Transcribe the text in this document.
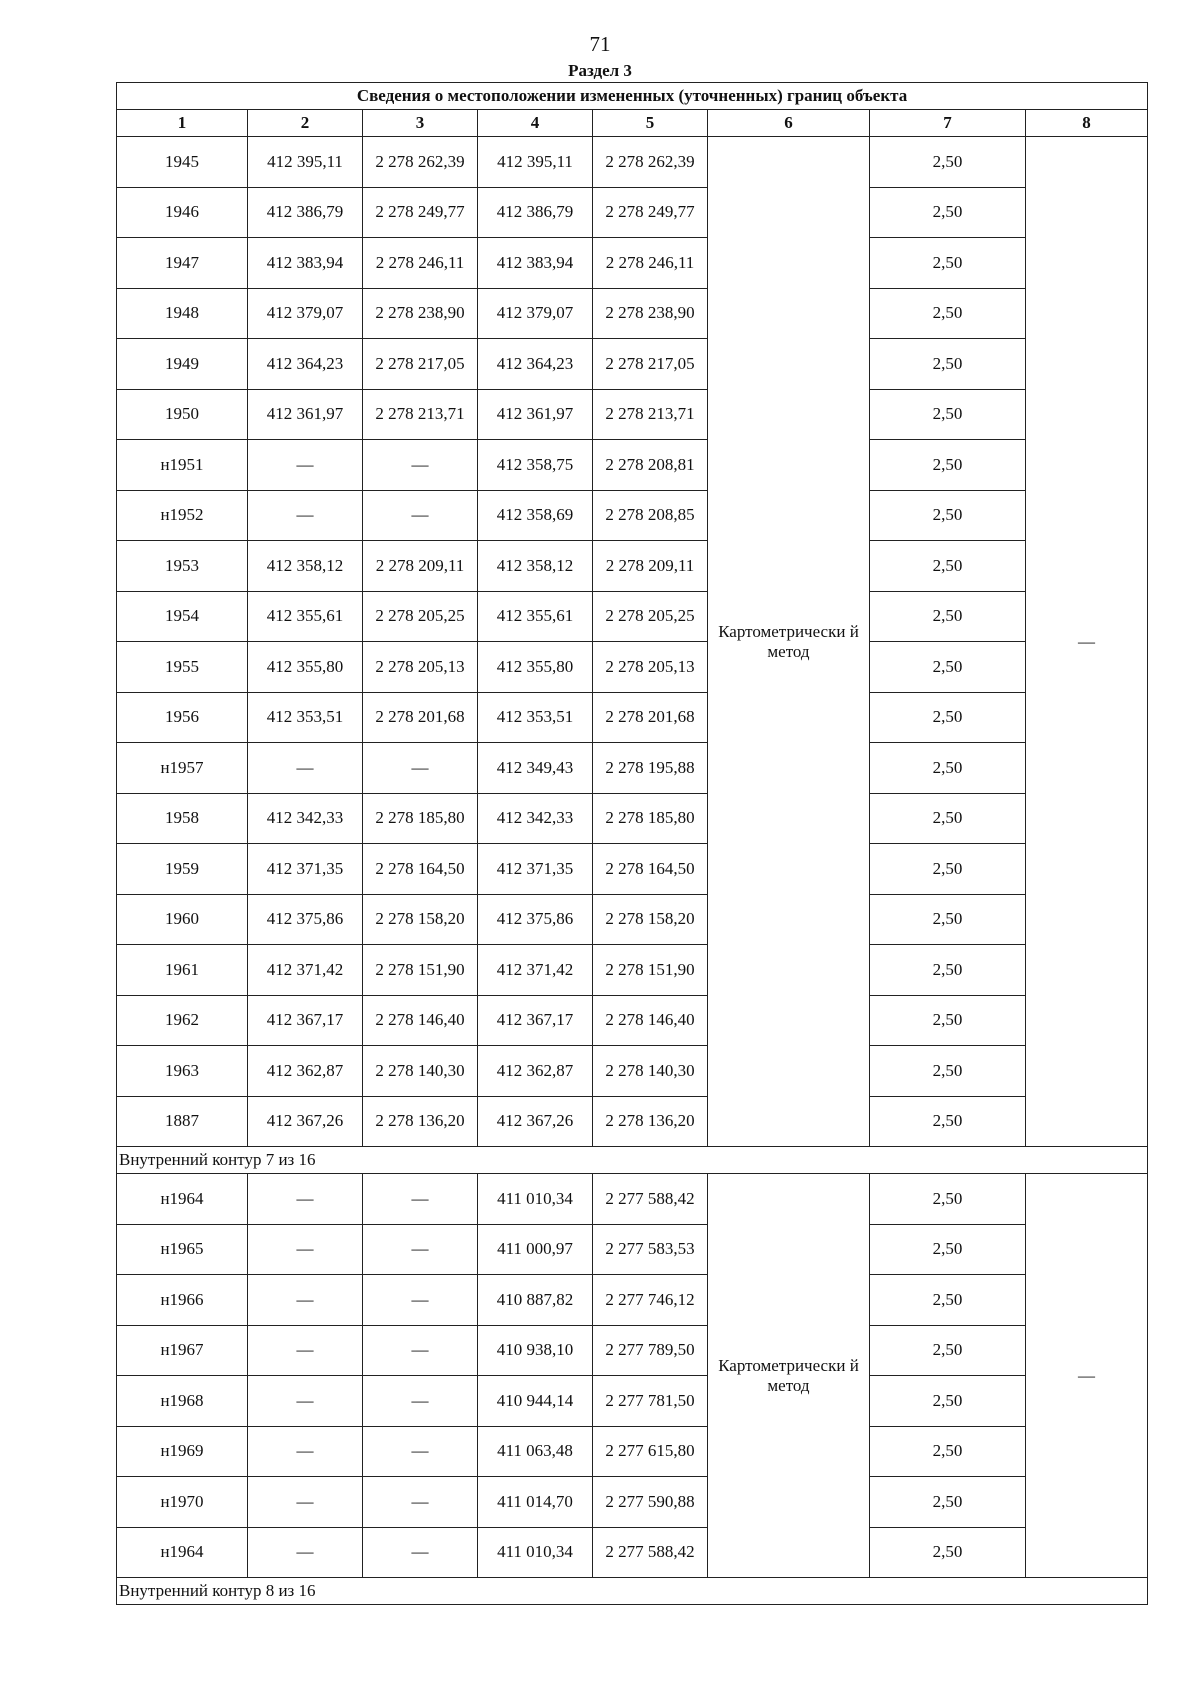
71
Раздел 3
Сведения о местоположении измененных (уточненных) границ объекта							
1	2	3	4	5	6	7	8
1945	412 395,11	2 278 262,39	412 395,11	2 278 262,39	Картометрически й метод	2,50	—
1946	412 386,79	2 278 249,77	412 386,79	2 278 249,77		2,50	
1947	412 383,94	2 278 246,11	412 383,94	2 278 246,11		2,50	
1948	412 379,07	2 278 238,90	412 379,07	2 278 238,90		2,50	
1949	412 364,23	2 278 217,05	412 364,23	2 278 217,05		2,50	
1950	412 361,97	2 278 213,71	412 361,97	2 278 213,71		2,50	
н1951	—	—	412 358,75	2 278 208,81		2,50	
н1952	—	—	412 358,69	2 278 208,85		2,50	
1953	412 358,12	2 278 209,11	412 358,12	2 278 209,11		2,50	
1954	412 355,61	2 278 205,25	412 355,61	2 278 205,25		2,50	
1955	412 355,80	2 278 205,13	412 355,80	2 278 205,13		2,50	
1956	412 353,51	2 278 201,68	412 353,51	2 278 201,68		2,50	
н1957	—	—	412 349,43	2 278 195,88		2,50	
1958	412 342,33	2 278 185,80	412 342,33	2 278 185,80		2,50	
1959	412 371,35	2 278 164,50	412 371,35	2 278 164,50		2,50	
1960	412 375,86	2 278 158,20	412 375,86	2 278 158,20		2,50	
1961	412 371,42	2 278 151,90	412 371,42	2 278 151,90		2,50	
1962	412 367,17	2 278 146,40	412 367,17	2 278 146,40		2,50	
1963	412 362,87	2 278 140,30	412 362,87	2 278 140,30		2,50	
1887	412 367,26	2 278 136,20	412 367,26	2 278 136,20		2,50	
Внутренний контур 7 из 16							
н1964	—	—	411 010,34	2 277 588,42	Картометрически й метод	2,50	—
н1965	—	—	411 000,97	2 277 583,53		2,50	
н1966	—	—	410 887,82	2 277 746,12		2,50	
н1967	—	—	410 938,10	2 277 789,50		2,50	
н1968	—	—	410 944,14	2 277 781,50		2,50	
н1969	—	—	411 063,48	2 277 615,80		2,50	
н1970	—	—	411 014,70	2 277 590,88		2,50	
н1964	—	—	411 010,34	2 277 588,42		2,50	
Внутренний контур 8 из 16							
